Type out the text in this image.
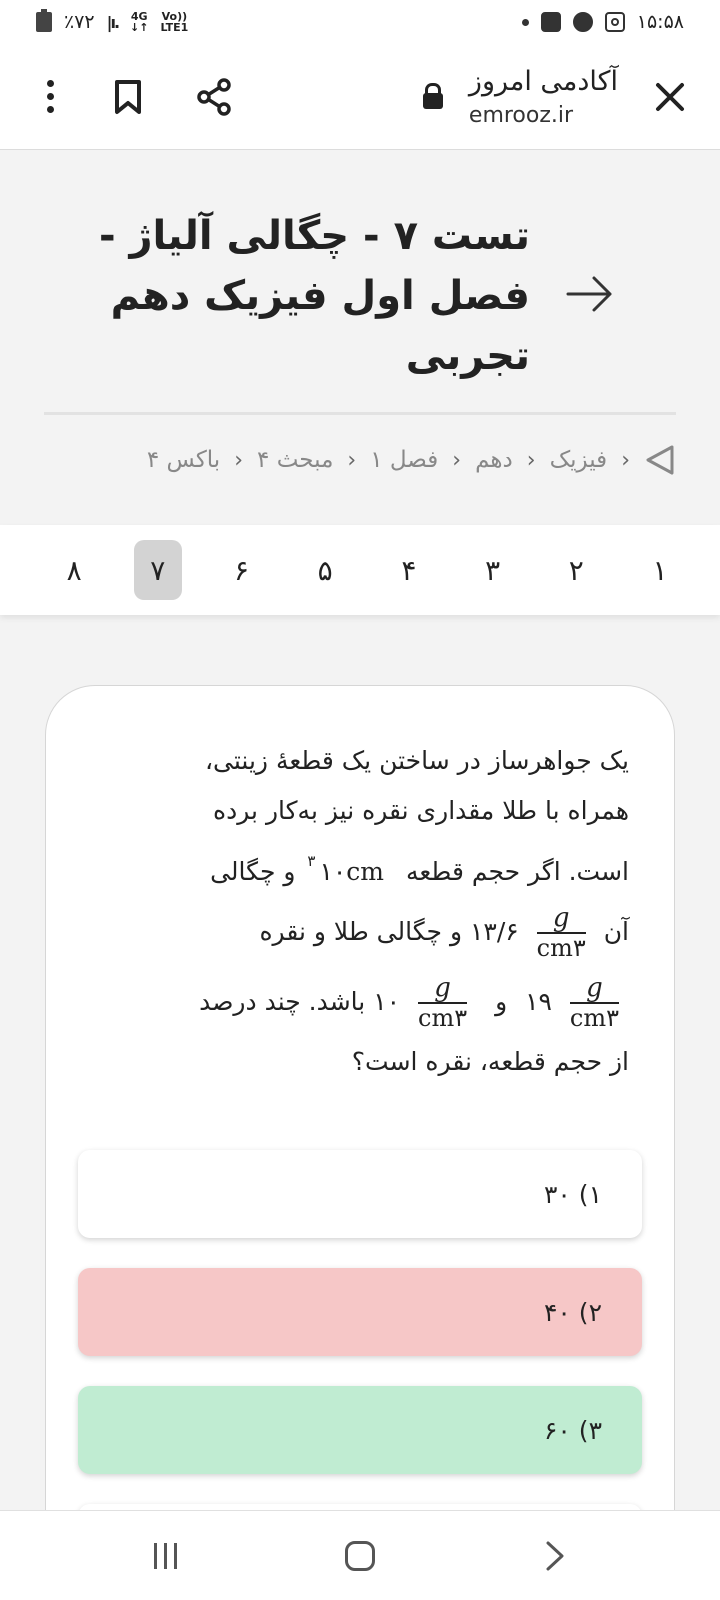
٪۷۲ |ı. 4G
↓↑
Vo))
LTE1	۱۵:۵۸
آکادمی امروز
emrooz.ir
تست ۷ - چگالی آلیاژ -
فصل اول فیزیک دهم
تجربی
‹
فیزیک
‹
دهم
‹
فصل ۱
‹
مبحث ۴
‹
باکس ۴
۱
۲
۳
۴
۵
۶
۷
۸
یک جواهرساز در ساختن یک قطعهٔ زینتی،
همراه با طلا مقداری نقره نیز به‌کار برده
است. اگر حجم قطعه $^۳$ ۱۰cm و چگالی
آن
$\frac{g}{cm۳}$
۱۳/۶ و چگالی طلا و نقره
$\frac{g}{cm۳}$
۱۹ و
$\frac{g}{cm۳}$
۱۰ باشد. چند درصد
از حجم قطعه، نقره است؟
۱) ۳۰
۲) ۴۰
۳) ۶۰
